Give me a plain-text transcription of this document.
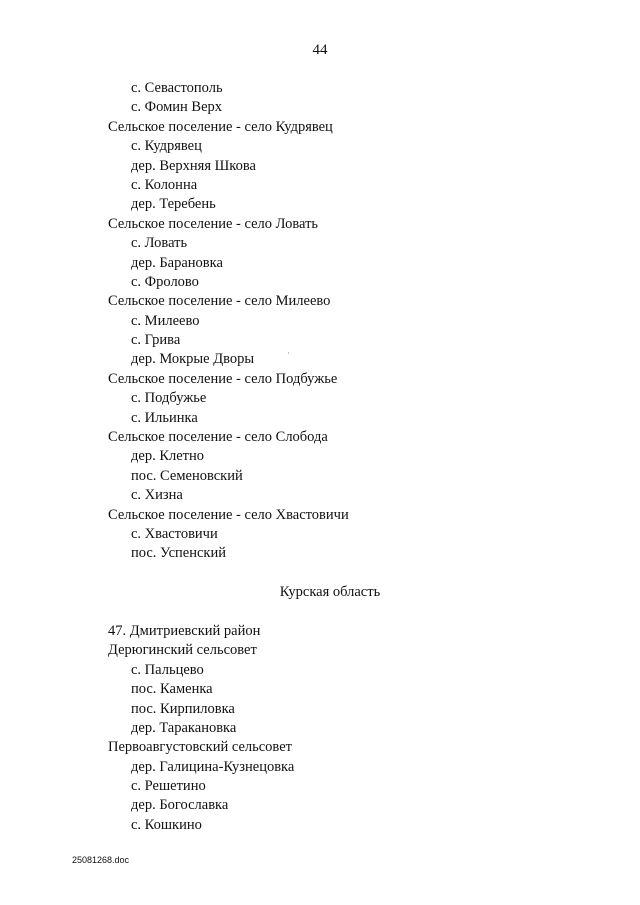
44
с. Севастополь
с. Фомин Верх
Сельское поселение - село Кудрявец
с. Кудрявец
дер. Верхняя Шкова
с. Колонна
дер. Теребень
Сельское поселение - село Ловать
с. Ловать
дер. Барановка
с. Фролово
Сельское поселение - село Милеево
с. Милеево
с. Грива
дер. Мокрые Дворы
Сельское поселение - село Подбужье
с. Подбужье
с. Ильинка
Сельское поселение - село Слобода
дер. Клетно
пос. Семеновский
с. Хизна
Сельское поселение - село Хвастовичи
с. Хвастовичи
пос. Успенский
Курская область
47. Дмитриевский район
Дерюгинский сельсовет
с. Пальцево
пос. Каменка
пос. Кирпиловка
дер. Таракановка
Первоавгустовский сельсовет
дер. Галицина-Кузнецовка
с. Решетино
дер. Богославка
с. Кошкино
25081268.doc
